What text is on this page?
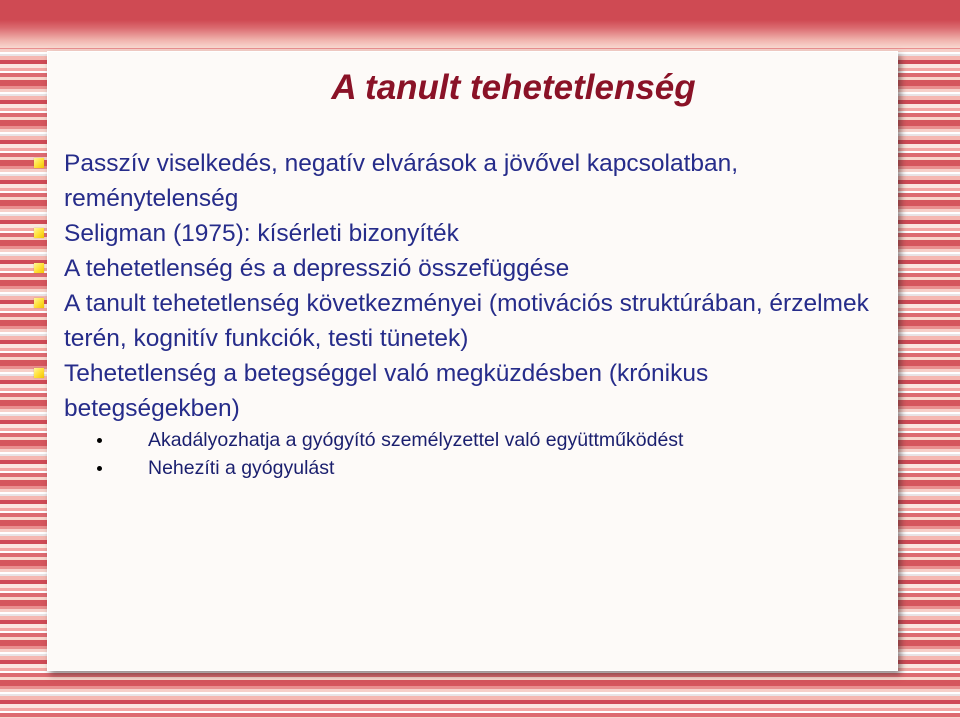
A tanult tehetetlenség
Passzív viselkedés, negatív elvárások a jövővel kapcsolatban, reménytelenség
Seligman (1975): kísérleti bizonyíték
A tehetetlenség és a depresszió összefüggése
A tanult tehetetlenség következményei (motivációs struktúrában, érzelmek terén, kognitív funkciók, testi tünetek)
Tehetetlenség a betegséggel való megküzdésben (krónikus betegségekben)
Akadályozhatja a gyógyító személyzettel való együttműködést
Nehezíti a gyógyulást
